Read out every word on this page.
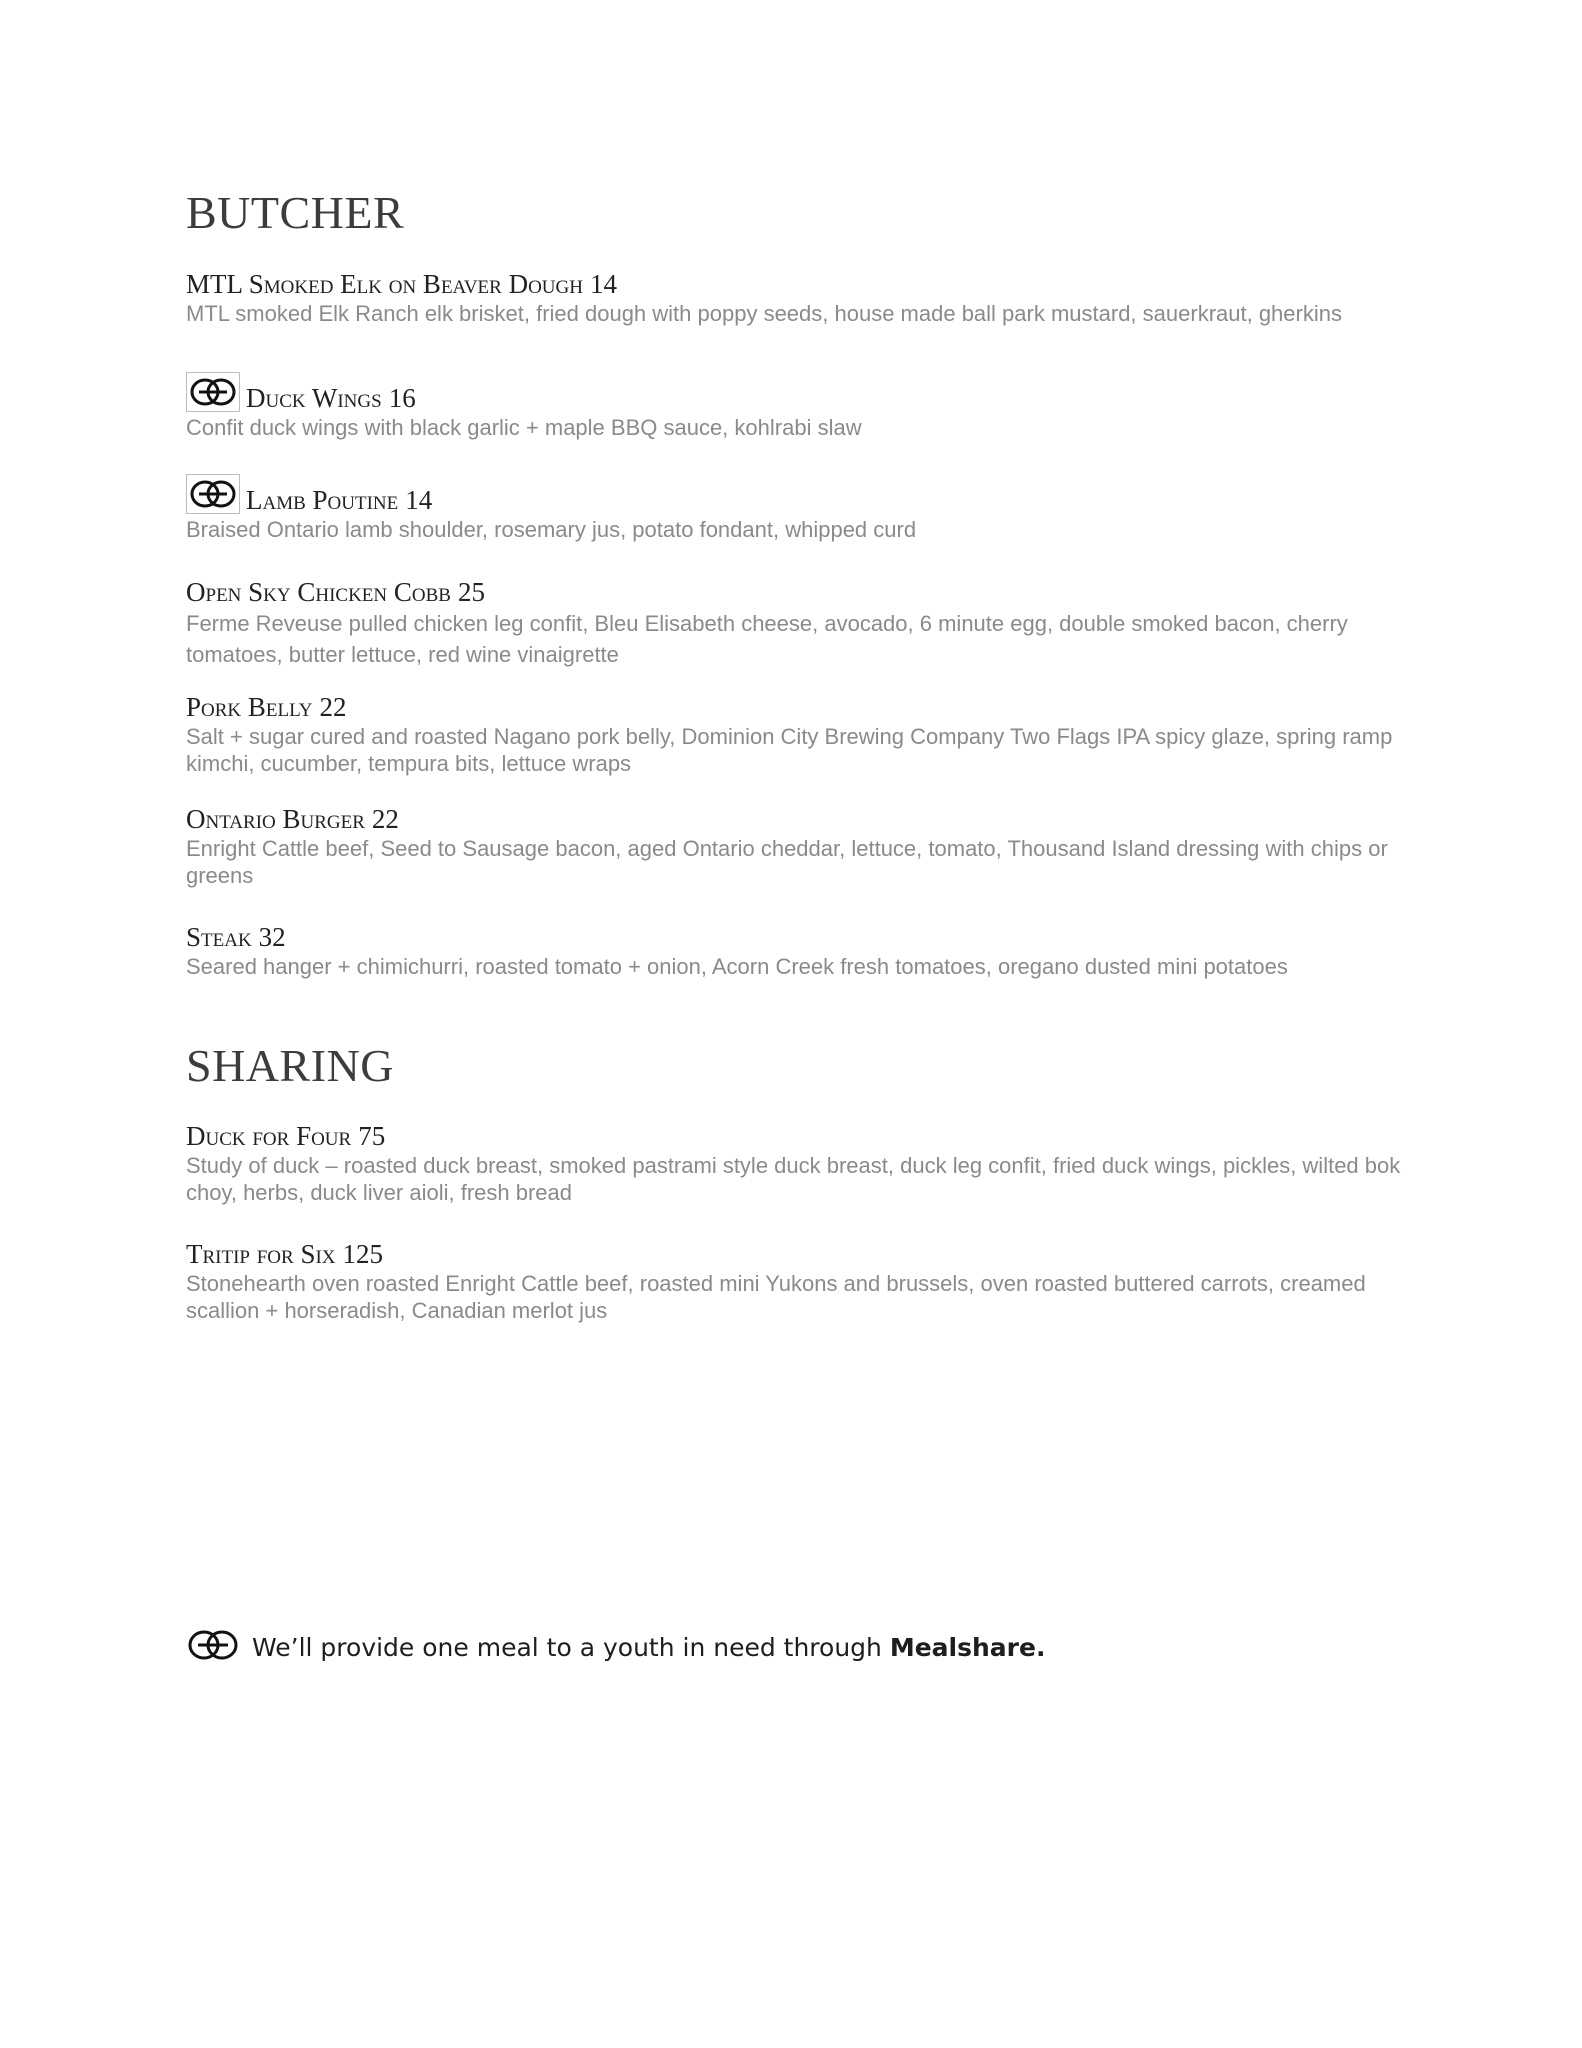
BUTCHER
MTL Smoked Elk on Beaver Dough 14
MTL smoked Elk Ranch elk brisket, fried dough with poppy seeds, house made ball park mustard, sauerkraut, gherkins
Duck Wings 16
Confit duck wings with black garlic + maple BBQ sauce, kohlrabi slaw
Lamb Poutine 14
Braised Ontario lamb shoulder, rosemary jus, potato fondant, whipped curd
Open Sky Chicken Cobb 25
Ferme Reveuse pulled chicken leg confit, Bleu Elisabeth cheese, avocado, 6 minute egg, double smoked bacon, cherry tomatoes, butter lettuce, red wine vinaigrette
Pork Belly 22
Salt + sugar cured and roasted Nagano pork belly, Dominion City Brewing Company Two Flags IPA spicy glaze, spring ramp kimchi, cucumber, tempura bits, lettuce wraps
Ontario Burger 22
Enright Cattle beef, Seed to Sausage bacon, aged Ontario cheddar, lettuce, tomato, Thousand Island dressing with chips or greens
Steak 32
Seared hanger + chimichurri, roasted tomato + onion, Acorn Creek fresh tomatoes, oregano dusted mini potatoes
SHARING
Duck for Four 75
Study of duck – roasted duck breast, smoked pastrami style duck breast, duck leg confit, fried duck wings, pickles, wilted bok choy, herbs, duck liver aioli, fresh bread
Tritip for Six 125
Stonehearth oven roasted Enright Cattle beef, roasted mini Yukons and brussels, oven roasted buttered carrots, creamed scallion + horseradish, Canadian merlot jus
We’ll provide one meal to a youth in need through Mealshare.
